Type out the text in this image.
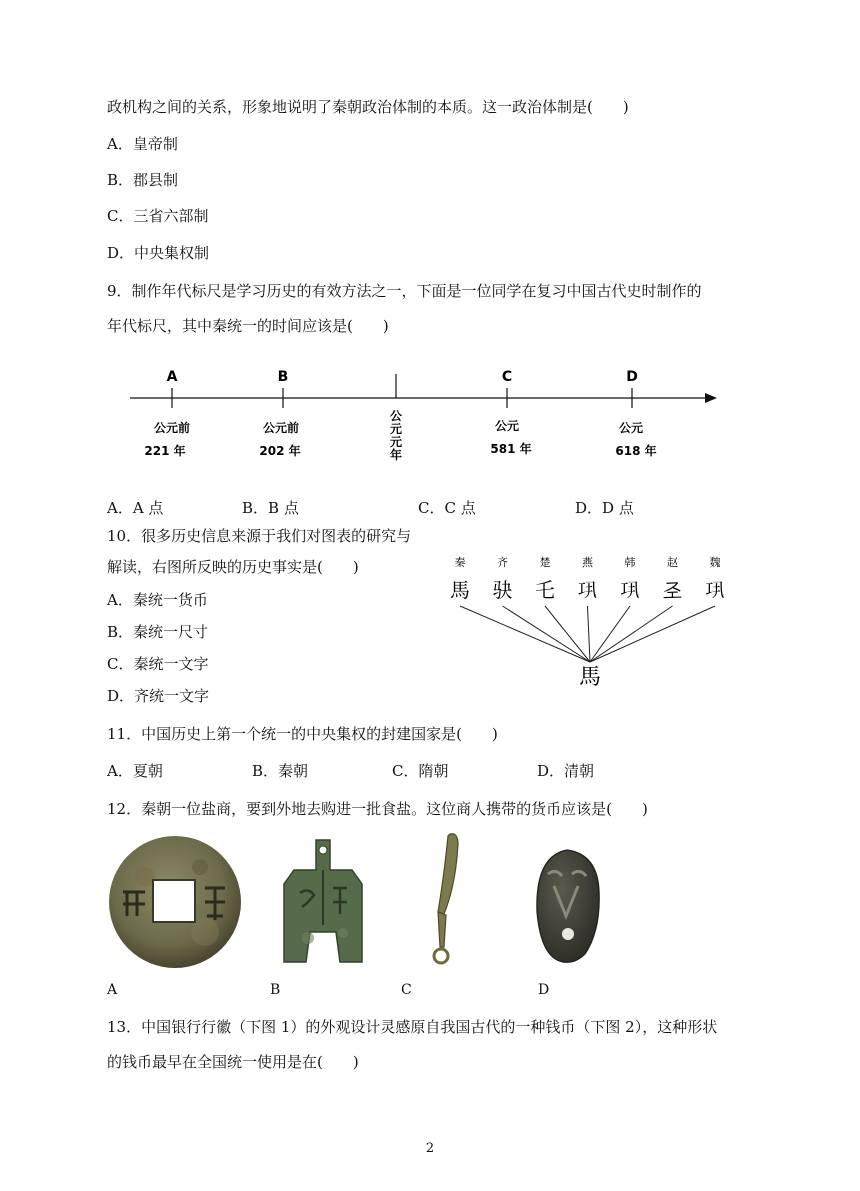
政机构之间的关系，形象地说明了秦朝政治体制的本质。这一政治体制是(　　)
A．皇帝制
B．郡县制
C．三省六部制
D．中央集权制
9．制作年代标尺是学习历史的有效方法之一，下面是一位同学在复习中国古代史时制作的
年代标尺，其中秦统一的时间应该是(　　)
A
公元前
221 年
B
公元前
202 年
公元元年
C
公元
581 年
D
公元
618 年
A．A 点	B．B 点	C．C 点	D．D 点
10．很多历史信息来源于我们对图表的研究与
解读，右图所反映的历史事实是(　　)
A．秦统一货币
B．秦统一尺寸
C．秦统一文字
D．齐统一文字
秦	齐	楚	燕	韩	赵	魏
馬 𫘝 乇 𢀜 𢀜 𢀖 𢀜
馬
11．中国历史上第一个统一的中央集权的封建国家是(　　)
A．夏朝	B．秦朝	C．隋朝	D．清朝
12．秦朝一位盐商，要到外地去购进一批食盐。这位商人携带的货币应该是(　　)
A	B	C	D
13．中国银行行徽（下图 1）的外观设计灵感原自我国古代的一种钱币（下图 2），这种形状
的钱币最早在全国统一使用是在(　　)
2
